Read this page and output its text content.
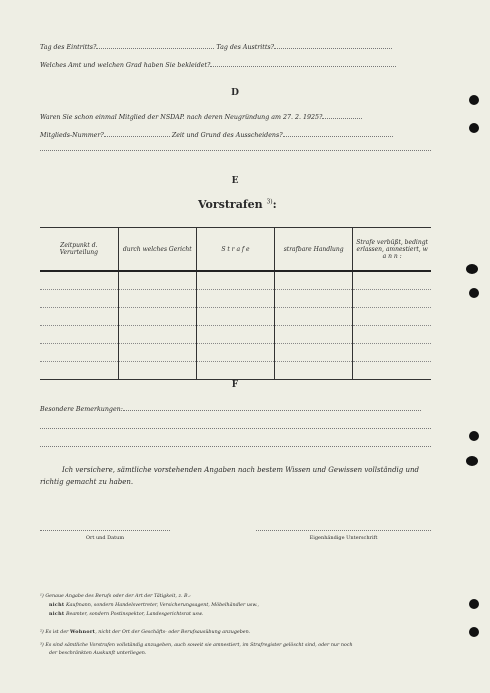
Tag des Eintritts?	Tag des Austritts?
Welches Amt und welchen Grad haben Sie bekleidet?
D
Waren Sie schon einmal Mitglied der NSDAP. nach deren Neugründung am 27. 2. 1925?
Mitglieds-Nummer?	Zeit und Grund des Ausscheidens?
E
Vorstrafen $^{3)}$:
Zeitpunkt d. Verurteilung	durch welches Gericht	S t r a f e	strafbare Handlung	Strafe verbüßt, bedingt erlassen, amnestiert, w a n n :

F
Besondere Bemerkungen:
Ich versichere, sämtliche vorstehenden Angaben nach bestem Wissen und Gewissen vollständig und richtig gemacht zu haben.
Ort und Datum	Eigenhändige Unterschrift
¹) Genaue Angabe des Berufs oder der Art der Tätigkeit, z. B.:
nicht Kaufmann, sondern Handelsvertreter, Versicherungsagent, Möbelhändler usw.,
nicht Beamter, sondern Postinspektor, Landesgerichtsrat usw.
²) Es ist der Wohnort, nicht der Ort der Geschäfts- oder Berufsausübung anzugeben.
³) Es sind sämtliche Vorstrafen vollständig anzugeben, auch soweit sie amnestiert, im Strafregister gelöscht sind, oder nur noch
der beschränkten Auskunft unterliegen.
